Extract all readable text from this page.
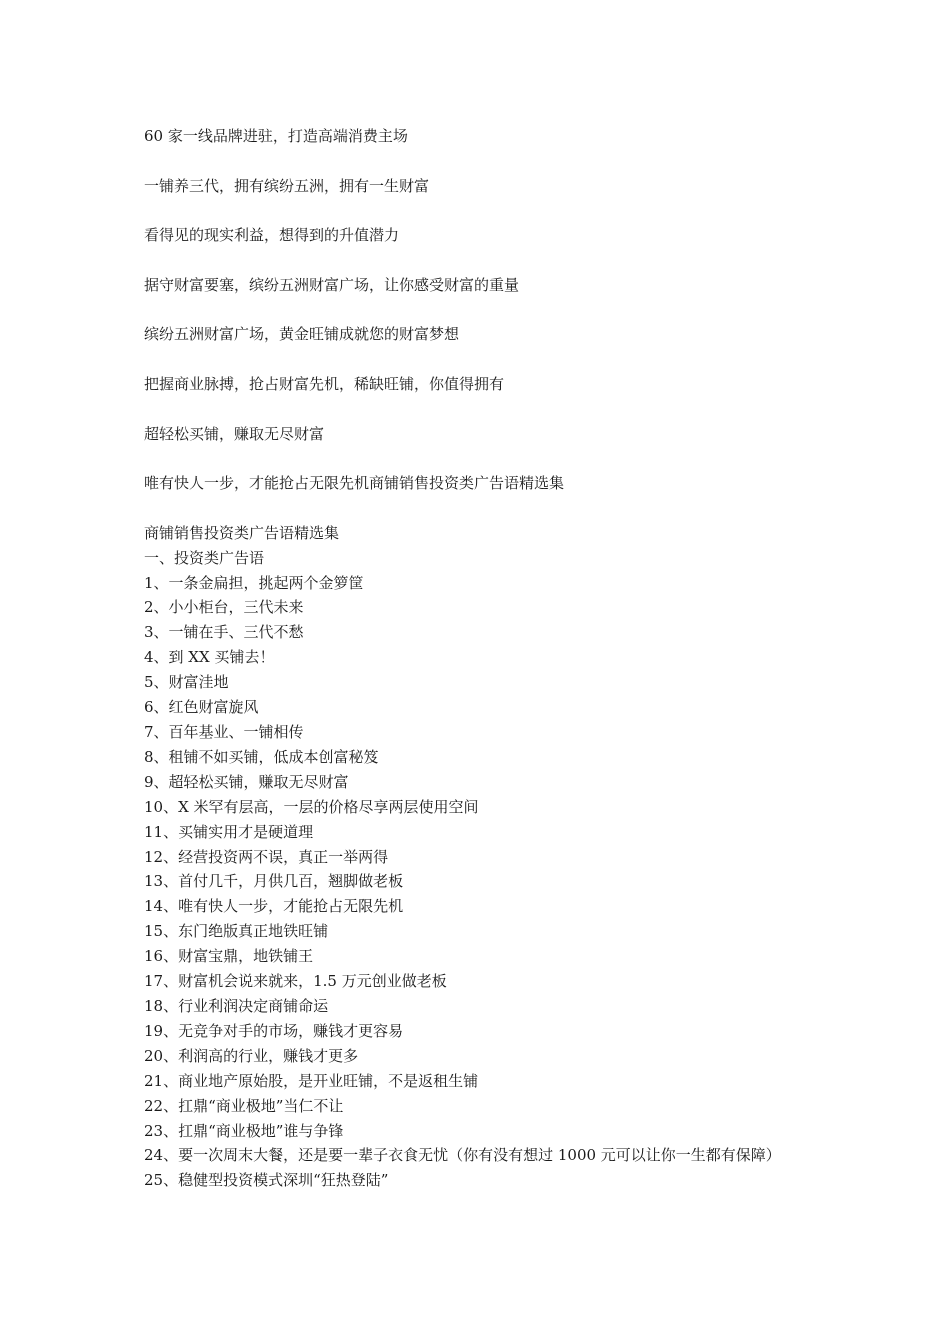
60 家一线品牌进驻，打造高端消费主场

一铺养三代，拥有缤纷五洲，拥有一生财富

看得见的现实利益，想得到的升值潜力

据守财富要塞，缤纷五洲财富广场，让你感受财富的重量

缤纷五洲财富广场，黄金旺铺成就您的财富梦想

把握商业脉搏，抢占财富先机，稀缺旺铺，你值得拥有

超轻松买铺，赚取无尽财富

唯有快人一步，才能抢占无限先机商铺销售投资类广告语精选集

商铺销售投资类广告语精选集

一、投资类广告语

1、一条金扁担，挑起两个金箩筐

2、小小柜台，三代未来

3、一铺在手、三代不愁

4、到 XX 买铺去！

5、财富洼地

6、红色财富旋风

7、百年基业、一铺相传

8、租铺不如买铺，低成本创富秘笈

9、超轻松买铺，赚取无尽财富

10、X 米罕有层高，一层的价格尽享两层使用空间

11、买铺实用才是硬道理

12、经营投资两不误，真正一举两得

13、首付几千，月供几百，翘脚做老板

14、唯有快人一步，才能抢占无限先机

15、东门绝版真正地铁旺铺

16、财富宝鼎，地铁铺王

17、财富机会说来就来，1.5 万元创业做老板

18、行业利润决定商铺命运

19、无竞争对手的市场，赚钱才更容易

20、利润高的行业，赚钱才更多

21、商业地产原始股，是开业旺铺，不是返租生铺

22、扛鼎“商业极地”当仁不让

23、扛鼎“商业极地”谁与争锋

24、要一次周末大餐，还是要一辈子衣食无忧（你有没有想过 1000 元可以让你一生都有保障）

25、稳健型投资模式深圳“狂热登陆”
